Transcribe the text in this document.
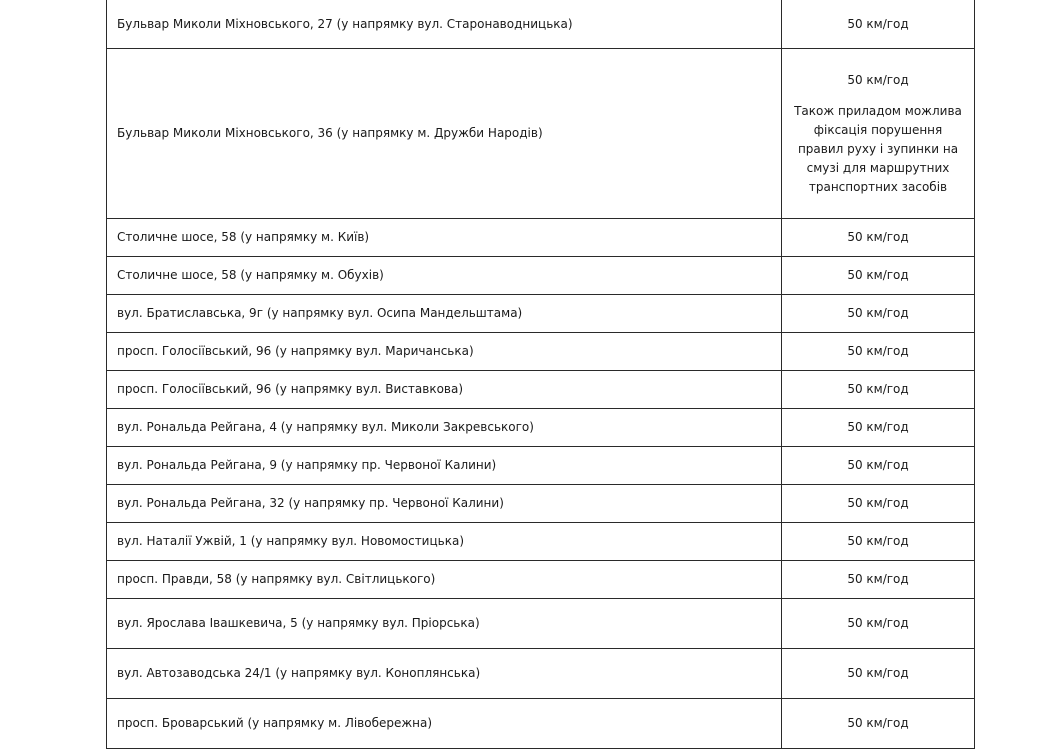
Бульвар Миколи Міхновського, 27 (у напрямку вул. Старонаводницька)	50 км/год
Бульвар Миколи Міхновського, 36 (у напрямку м. Дружби Народів)	50 км/год
Також приладом можлива фіксація порушення правил руху і зупинки на смузі для маршрутних транспортних засобів

Столичне шосе, 58 (у напрямку м. Київ)	50 км/год
Столичне шосе, 58 (у напрямку м. Обухів)	50 км/год
вул. Братиславська, 9г (у напрямку вул. Осипа Мандельштама)	50 км/год
просп. Голосіївський, 96 (у напрямку вул. Маричанська)	50 км/год
просп. Голосіївський, 96 (у напрямку вул. Виставкова)	50 км/год
вул. Рональда Рейгана, 4 (у напрямку вул. Миколи Закревського)	50 км/год
вул. Рональда Рейгана, 9 (у напрямку пр. Червоної Калини)	50 км/год
вул. Рональда Рейгана, 32 (у напрямку пр. Червоної Калини)	50 км/год
вул. Наталії Ужвій, 1 (у напрямку вул. Новомостицька)	50 км/год
просп. Правди, 58 (у напрямку вул. Світлицького)	50 км/год
вул. Ярослава Івашкевича, 5 (у напрямку вул. Пріорська)	50 км/год
вул. Автозаводська 24/1 (у напрямку вул. Коноплянська)	50 км/год
просп. Броварський (у напрямку м. Лівобережна)	50 км/год
